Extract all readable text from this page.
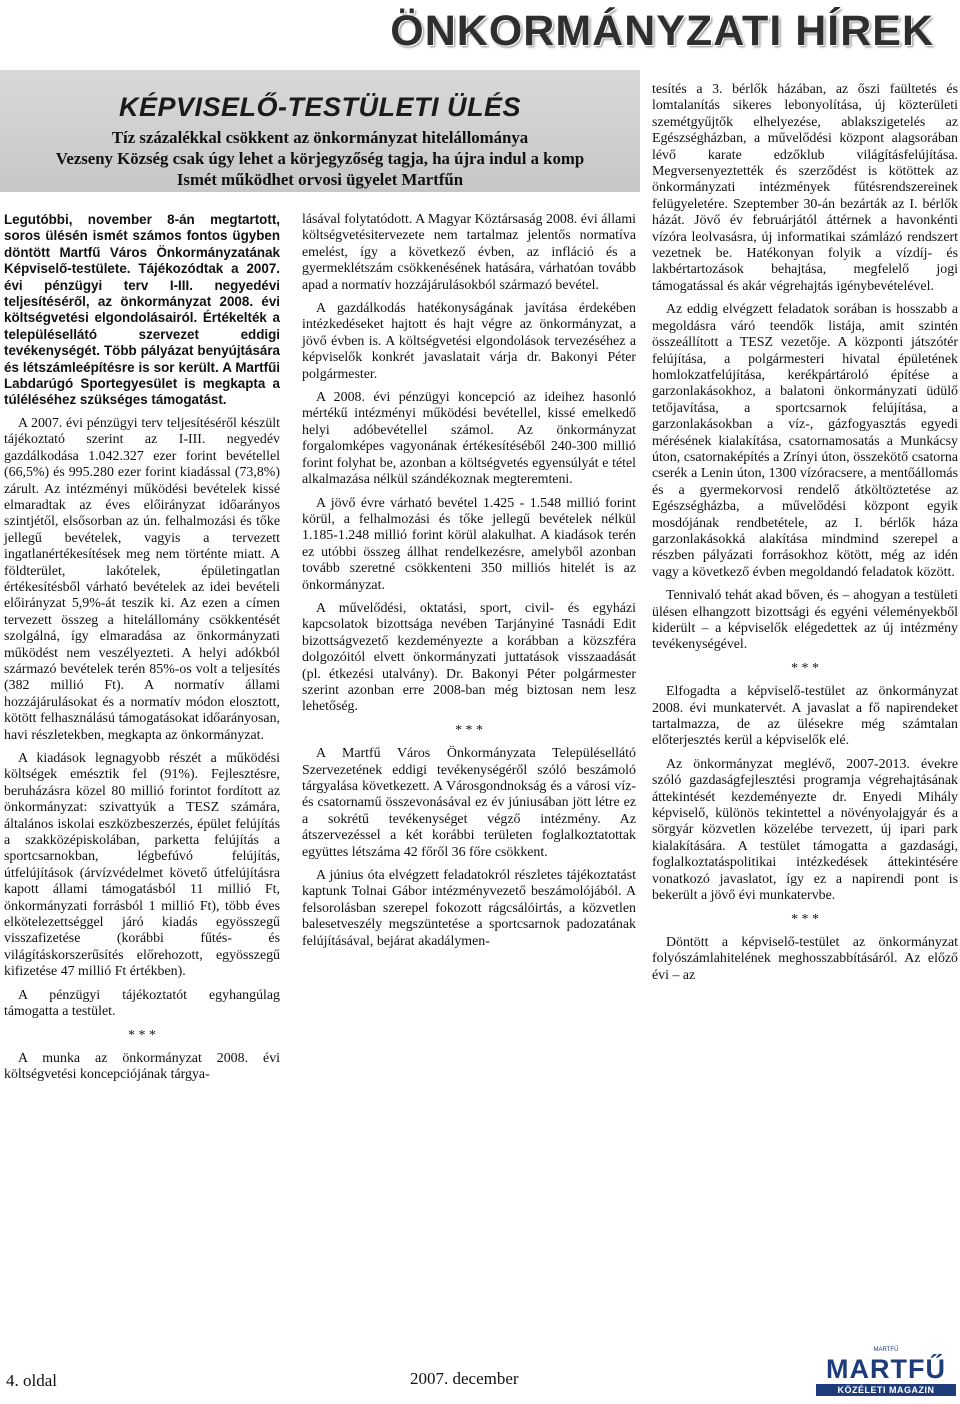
ÖNKORMÁNYZATI HÍREK
KÉPVISELŐ-TESTÜLETI ÜLÉS

Tíz százalékkal csökkent az önkormányzat hitelállománya

Vezseny Község csak úgy lehet a körjegyzőség tagja, ha újra indul a komp

Ismét működhet orvosi ügyelet Martfűn

Legutóbbi, november 8-án megtartott, soros ülésén ismét számos fontos ügyben döntött Martfű Város Önkormányzatának Képviselő-testülete. Tájékozódtak a 2007. évi pénzügyi terv I-III. negyedévi teljesítéséről, az önkormányzat 2008. évi költségvetési elgondolásairól. Értékelték a településellátó szervezet eddigi tevékenységét. Több pályázat benyújtására és létszámleépítésre is sor került. A Martfűi Labdarúgó Sportegyesület is megkapta a túléléséhez szükséges támogatást.

A 2007. évi pénzügyi terv teljesítéséről készült tájékoztató szerint az I-III. negyedév gazdálkodása 1.042.327 ezer forint bevétellel (66,5%) és 995.280 ezer forint kiadással (73,8%) zárult. Az intézményi működési bevételek kissé elmaradtak az éves előirányzat időarányos szintjétől, elsősorban az ún. felhalmozási és tőke jellegű bevételek, vagyis a tervezett ingatlanértékesítések meg nem történte miatt. A földterület, lakótelek, épületingatlan értékesítésből várható bevételek az idei bevételi előirányzat 5,9%-át teszik ki. Az ezen a címen tervezett összeg a hitelállomány csökkentését szolgálná, így elmaradása az önkormányzati működést nem veszélyezteti. A helyi adókból származó bevételek terén 85%-os volt a teljesítés (382 millió Ft). A normatív állami hozzájárulásokat és a normatív módon elosztott, kötött felhasználású támogatásokat időarányosan, havi részletekben, megkapta az önkormányzat.

A kiadások legnagyobb részét a működési költségek emésztik fel (91%). Fejlesztésre, beruházásra közel 80 millió forintot fordított az önkormányzat: szivattyúk a TESZ számára, általános iskolai eszközbeszerzés, épület felújítás a szakközépiskolában, parketta felújítás a sportcsarnokban, légbefúvó felújítás, útfelújítások (árvízvédelmet követő útfelújításra kapott állami támogatásból 11 millió Ft, önkormányzati forrásból 1 millió Ft), több éves elkötelezettséggel járó kiadás egyösszegű visszafizetése (korábbi fűtés- és világításkorszerűsítés előrehozott, egyösszegű kifizetése 47 millió Ft értékben).

A pénzügyi tájékoztatót egyhangúlag támogatta a testület.

* * *

A munka az önkormányzat 2008. évi költségvetési koncepciójának tárgya-

lásával folytatódott. A Magyar Köztársaság 2008. évi állami költségvetésitervezete nem tartalmaz jelentős normatíva emelést, így a következő évben, az infláció és a gyermeklétszám csökkenésének hatására, várhatóan tovább apad a normatív hozzájárulásokból származó bevétel.

A gazdálkodás hatékonyságának javítása érdekében intézkedéseket hajtott és hajt végre az önkormányzat, a jövő évben is. A költségvetési elgondolások tervezéséhez a képviselők konkrét javaslatait várja dr. Bakonyi Péter polgármester.

A 2008. évi pénzügyi koncepció az ideihez hasonló mértékű intézményi működési bevétellel, kissé emelkedő helyi adóbevétellel számol. Az önkormányzat forgalomképes vagyonának értékesítéséből 240-300 millió forint folyhat be, azonban a költségvetés egyensúlyát e tétel alkalmazása nélkül szándékoznak megteremteni.

A jövő évre várható bevétel 1.425 - 1.548 millió forint körül, a felhalmozási és tőke jellegű bevételek nélkül 1.185-1.248 millió forint körül alakulhat. A kiadások terén ez utóbbi összeg állhat rendelkezésre, amelyből azonban tovább szeretné csökkenteni 350 milliós hitelét is az önkormányzat.

A művelődési, oktatási, sport, civil- és egyházi kapcsolatok bizottsága nevében Tarjányiné Tasnádi Edit bizottságvezető kezdeményezte a korábban a közszféra dolgozóitól elvett önkormányzati juttatások visszaadását (pl. étkezési utalvány). Dr. Bakonyi Péter polgármester szerint azonban erre 2008-ban még biztosan nem lesz lehetőség.

* * *

A Martfű Város Önkormányzata Településellátó Szervezetének eddigi tevékenységéről szóló beszámoló tárgyalása következett. A Városgondnokság és a városi víz- és csatornamű összevonásával ez év júniusában jött létre ez a sokrétű tevékenységet végző intézmény. Az átszervezéssel a két korábbi területen foglalkoztatottak együttes létszáma 42 főről 36 főre csökkent.

A június óta elvégzett feladatokról részletes tájékoztatást kaptunk Tolnai Gábor intézményvezető beszámolójából. A felsorolásban szerepel fokozott rágcsálóirtás, a közvetlen balesetveszély megszüntetése a sportcsarnok padozatának felújításával, bejárat akadálymen-

tesítés a 3. bérlők házában, az őszi faültetés és lomtalanítás sikeres lebonyolítása, új közterületi szemétgyűjtők elhelyezése, ablakszigetelés az Egészségházban, a művelődési központ alagsorában lévő karate edzőklub világításfelújítása. Megversenyeztették és szerződést is kötöttek az önkormányzati intézmények fűtésrendszereinek felügyeletére. Szeptember 30-án bezárták az I. bérlők házát. Jövő év februárjától áttérnek a havonkénti vízóra leolvasásra, új informatikai számlázó rendszert vezetnek be. Hatékonyan folyik a vízdíj- és lakbértartozások behajtása, megfelelő jogi támogatással és akár végrehajtás igénybevételével.

Az eddig elvégzett feladatok sorában is hosszabb a megoldásra váró teendők listája, amit szintén összeállított a TESZ vezetője. A központi játszótér felújítása, a polgármesteri hivatal épületének homlokzatfelújítása, kerékpártároló építése a garzonlakásokhoz, a balatoni önkormányzati üdülő tetőjavítása, a sportcsarnok felújítása, a garzonlakásokban a víz-, gázfogyasztás egyedi mérésének kialakítása, csatornamosatás a Munkácsy úton, csatornaképítés a Zrínyi úton, összekötő csatorna cserék a Lenin úton, 1300 vízóracsere, a mentőállomás és a gyermekorvosi rendelő átköltöztetése az Egészségházba, a művelődési központ egyik mosdójának rendbetétele, az I. bérlők háza garzonlakásokká alakítása mindmind szerepel a részben pályázati forrásokhoz kötött, még az idén vagy a következő évben megoldandó feladatok között.

Tennivaló tehát akad bőven, és – ahogyan a testületi ülésen elhangzott bizottsági és egyéni véleményekből kiderült – a képviselők elégedettek az új intézmény tevékenységével.

* * *

Elfogadta a képviselő-testület az önkormányzat 2008. évi munkatervét. A javaslat a fő napirendeket tartalmazza, de az ülésekre még számtalan előterjesztés kerül a képviselők elé.

Az önkormányzat meglévő, 2007-2013. évekre szóló gazdaságfejlesztési programja végrehajtásának áttekintését kezdeményezte dr. Enyedi Mihály képviselő, különös tekintettel a növényolajgyár és a sörgyár közvetlen közelébe tervezett, új ipari park kialakítására. A testület támogatta a gazdasági, foglalkoztatáspolitikai intézkedések áttekintésére vonatkozó javaslatot, így ez a napirendi pont is bekerült a jövő évi munkatervbe.

* * *

Döntött a képviselő-testület az önkormányzat folyószámlahitelének meghosszabbításáról. Az előző évi – az

4. oldal	2007. december
MARTFŰ
MARTFŰ
KÖZÉLETI MAGAZIN
